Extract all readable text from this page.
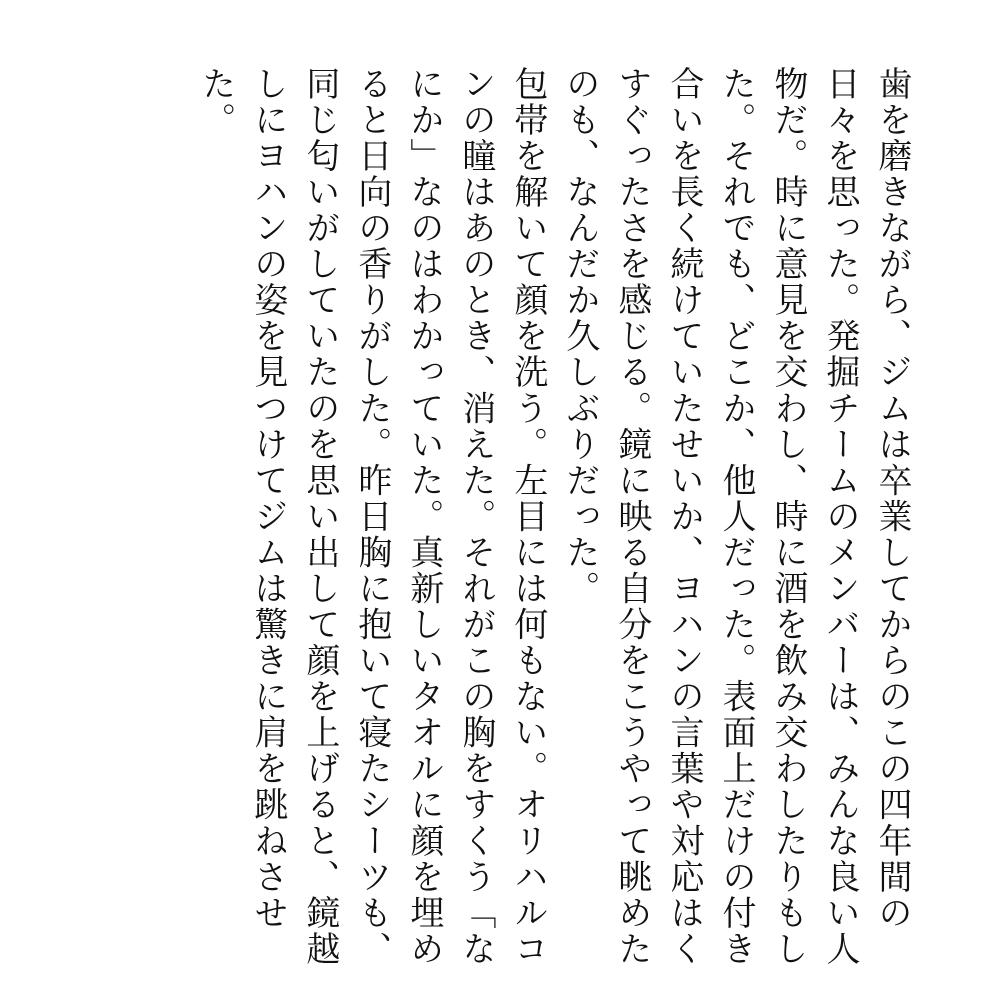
歯を磨きながら、ジムは卒業してからのこの四年間の日々を思った。発掘チームのメンバーは、みんな良い人物だ。時に意見を交わし、時に酒を飲み交わしたりもした。それでも、どこか、他人だった。表面上だけの付き合いを長く続けていたせいか、ヨハンの言葉や対応はくすぐったさを感じる。鏡に映る自分をこうやって眺めたのも、なんだか久しぶりだった。

包帯を解いて顔を洗う。左目には何もない。オリハルコンの瞳はあのとき、消えた。それがこの胸をすくう「なにか」なのはわかっていた。真新しいタオルに顔を埋めると日向の香りがした。昨日胸に抱いて寝たシーツも、同じ匂いがしていたのを思い出して顔を上げると、鏡越しにヨハンの姿を見つけてジムは驚きに肩を跳ねさせた。
